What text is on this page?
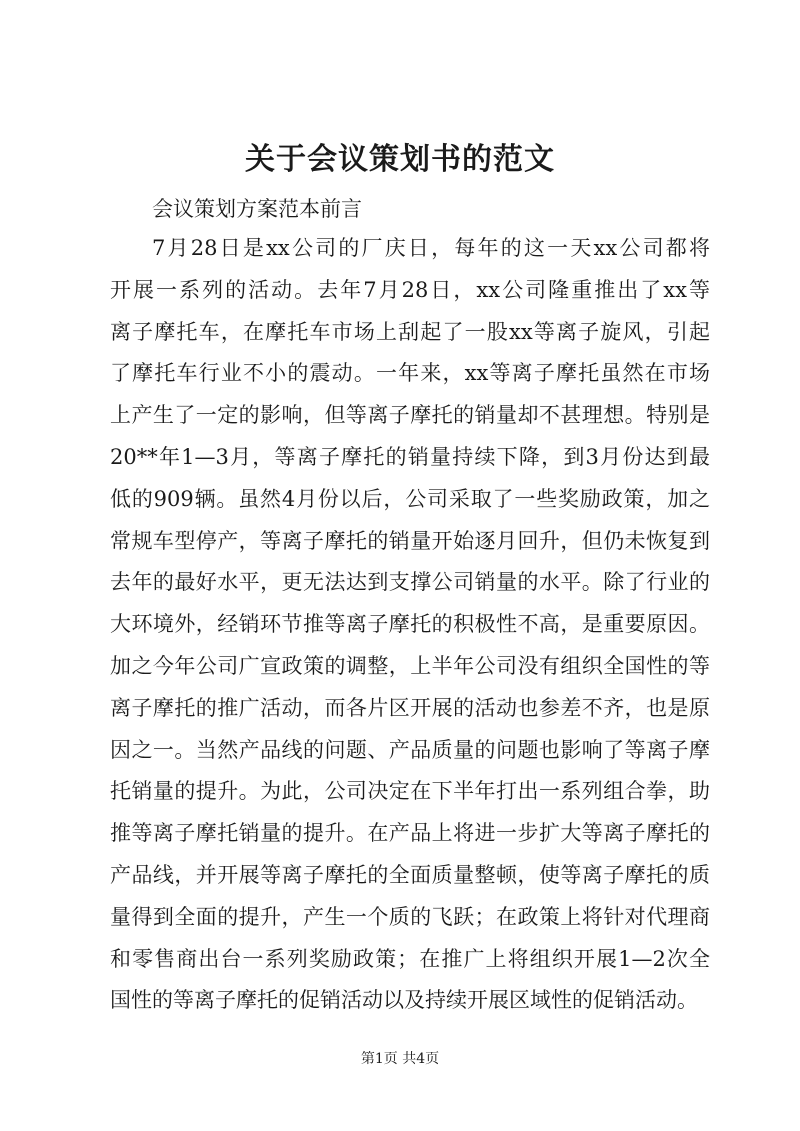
关于会议策划书的范文

会议策划方案范本前言

7月28日是xx公司的厂庆日，每年的这一天xx公司都将
开展一系列的活动。去年7月28日，xx公司隆重推出了xx等
离子摩托车，在摩托车市场上刮起了一股xx等离子旋风，引起
了摩托车行业不小的震动。一年来，xx等离子摩托虽然在市场
上产生了一定的影响，但等离子摩托的销量却不甚理想。特别是
20**年1—3月，等离子摩托的销量持续下降，到3月份达到最
低的909辆。虽然4月份以后，公司采取了一些奖励政策，加之
常规车型停产，等离子摩托的销量开始逐月回升，但仍未恢复到
去年的最好水平，更无法达到支撑公司销量的水平。除了行业的
大环境外，经销环节推等离子摩托的积极性不高，是重要原因。
加之今年公司广宣政策的调整，上半年公司没有组织全国性的等
离子摩托的推广活动，而各片区开展的活动也参差不齐，也是原
因之一。当然产品线的问题、产品质量的问题也影响了等离子摩
托销量的提升。为此，公司决定在下半年打出一系列组合拳，助
推等离子摩托销量的提升。在产品上将进一步扩大等离子摩托的
产品线，并开展等离子摩托的全面质量整顿，使等离子摩托的质
量得到全面的提升，产生一个质的飞跃；在政策上将针对代理商
和零售商出台一系列奖励政策；在推广上将组织开展1—2次全
国性的等离子摩托的促销活动以及持续开展区域性的促销活动。
第1页 共4页
